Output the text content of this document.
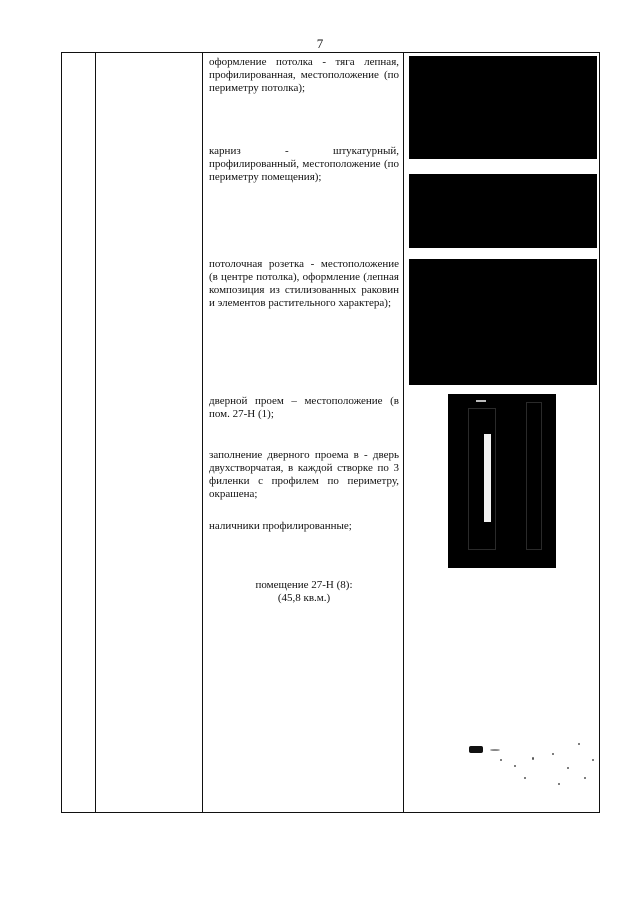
7
оформление потолка - тяга лепная, профилированная, местоположение (по периметру потолка);
карниз - штукатурный, профилированный, местоположение (по периметру помещения);
потолочная розетка - местоположение (в центре потолка), оформление (лепная композиция из стилизованных раковин и элементов растительного характера);
дверной проем – местоположение (в пом. 27-Н (1);
заполнение дверного проема в - дверь двухстворчатая, в каждой створке по 3 филенки с профилем по периметру, окрашена;
наличники профилированные;
помещение 27-Н (8):
(45,8 кв.м.)
